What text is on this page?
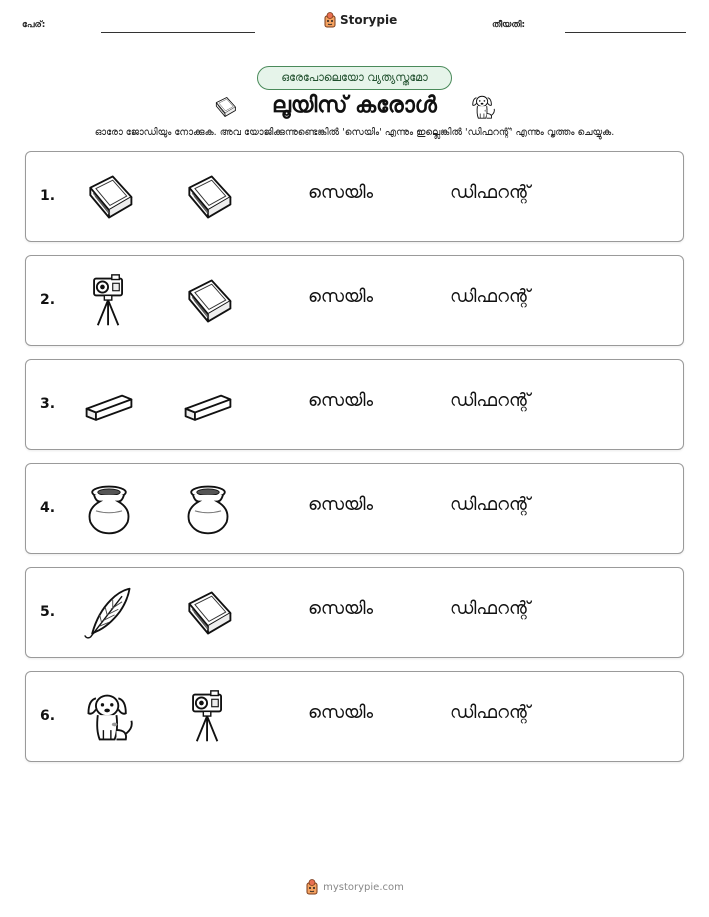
പേര്:	Storypie	തീയതി:
ഒരേപോലെയോ വ്യത്യസ്തമോ
ലൂയിസ് കരോൾ
ഓരോ ജോഡിയും നോക്കുക. അവ യോജിക്കുന്നുണ്ടെങ്കിൽ 'സെയിം' എന്നും ഇല്ലെങ്കിൽ 'ഡിഫറന്റ്' എന്നും വൃത്തം ചെയ്യുക.
1.	സെയിം	ഡിഫറന്റ്
2.	സെയിം	ഡിഫറന്റ്
3.	സെയിം	ഡിഫറന്റ്
4.	സെയിം	ഡിഫറന്റ്
5.	സെയിം	ഡിഫറന്റ്
6.	സെയിം	ഡിഫറന്റ്
mystorypie.com
